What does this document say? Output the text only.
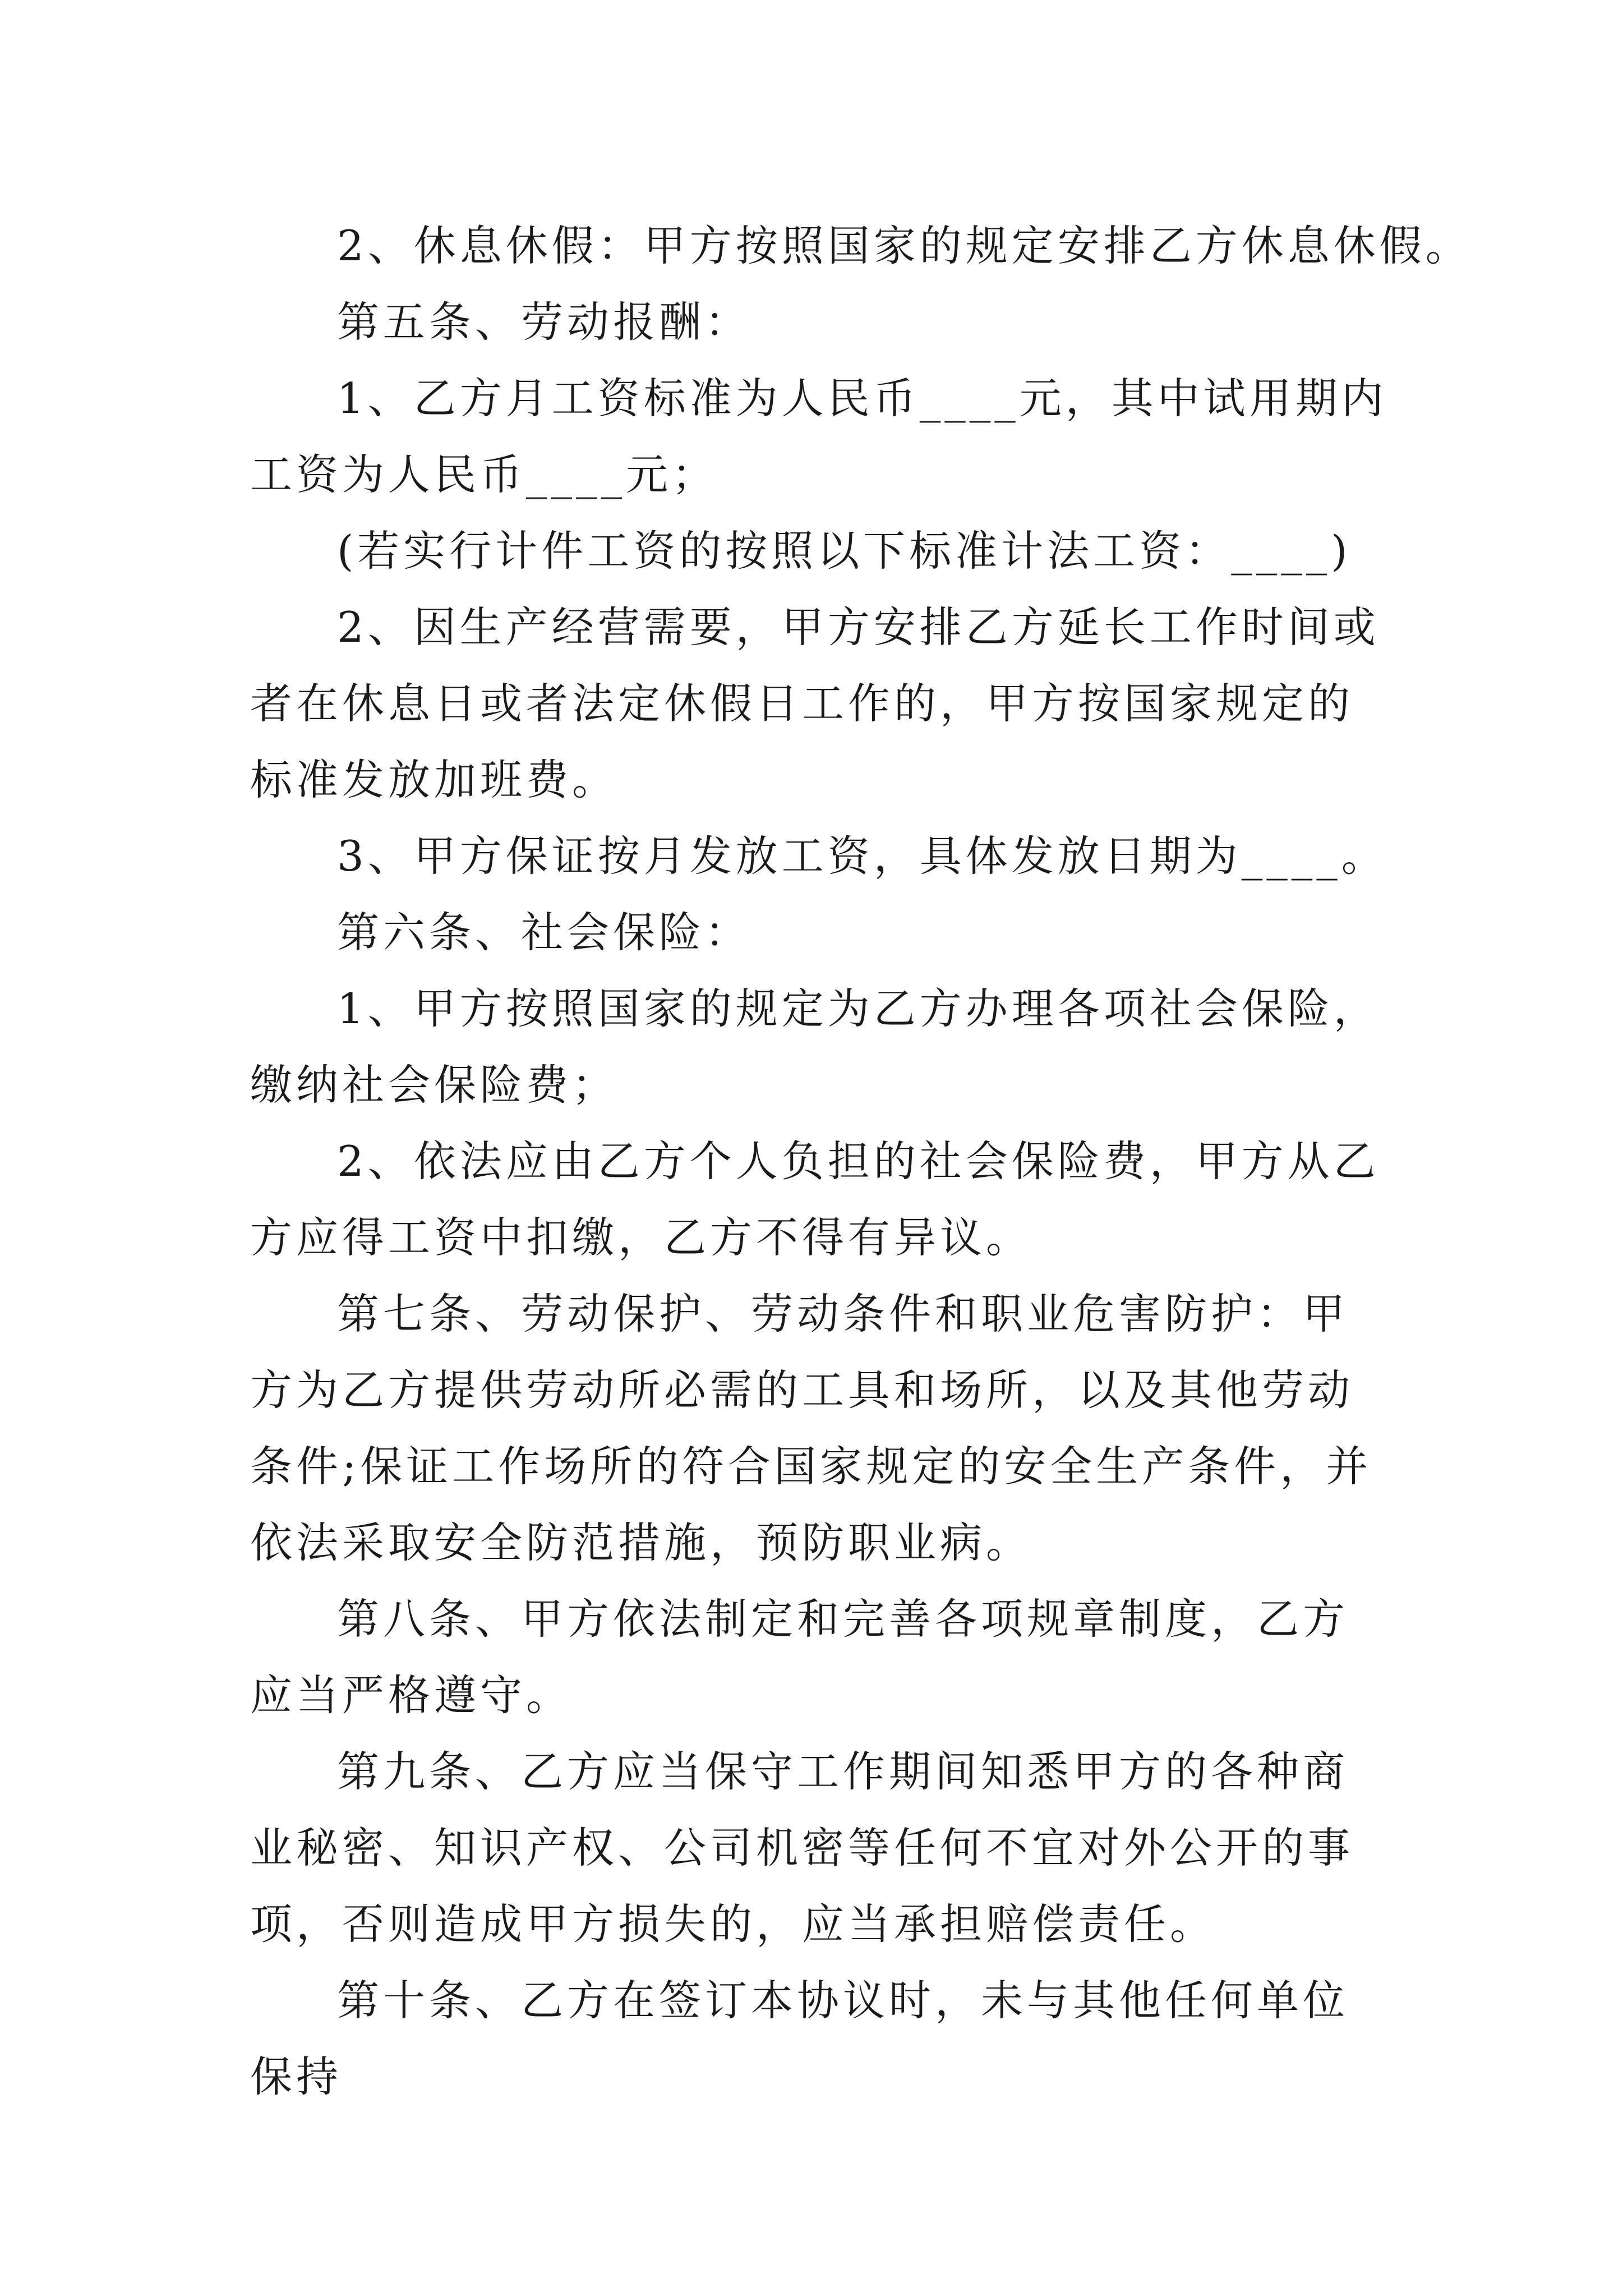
2、休息休假：甲方按照国家的规定安排乙方休息休假。

第五条、劳动报酬：

1、乙方月工资标准为人民币____元，其中试用期内工资为人民币____元；

(若实行计件工资的按照以下标准计法工资：____)

2、因生产经营需要，甲方安排乙方延长工作时间或者在休息日或者法定休假日工作的，甲方按国家规定的标准发放加班费。

3、甲方保证按月发放工资，具体发放日期为____。

第六条、社会保险：

1、甲方按照国家的规定为乙方办理各项社会保险，缴纳社会保险费；

2、依法应由乙方个人负担的社会保险费，甲方从乙方应得工资中扣缴，乙方不得有异议。

第七条、劳动保护、劳动条件和职业危害防护：甲方为乙方提供劳动所必需的工具和场所，以及其他劳动条件;保证工作场所的符合国家规定的安全生产条件，并依法采取安全防范措施，预防职业病。

第八条、甲方依法制定和完善各项规章制度，乙方应当严格遵守。

第九条、乙方应当保守工作期间知悉甲方的各种商业秘密、知识产权、公司机密等任何不宜对外公开的事项，否则造成甲方损失的，应当承担赔偿责任。

第十条、乙方在签订本协议时，未与其他任何单位保持
